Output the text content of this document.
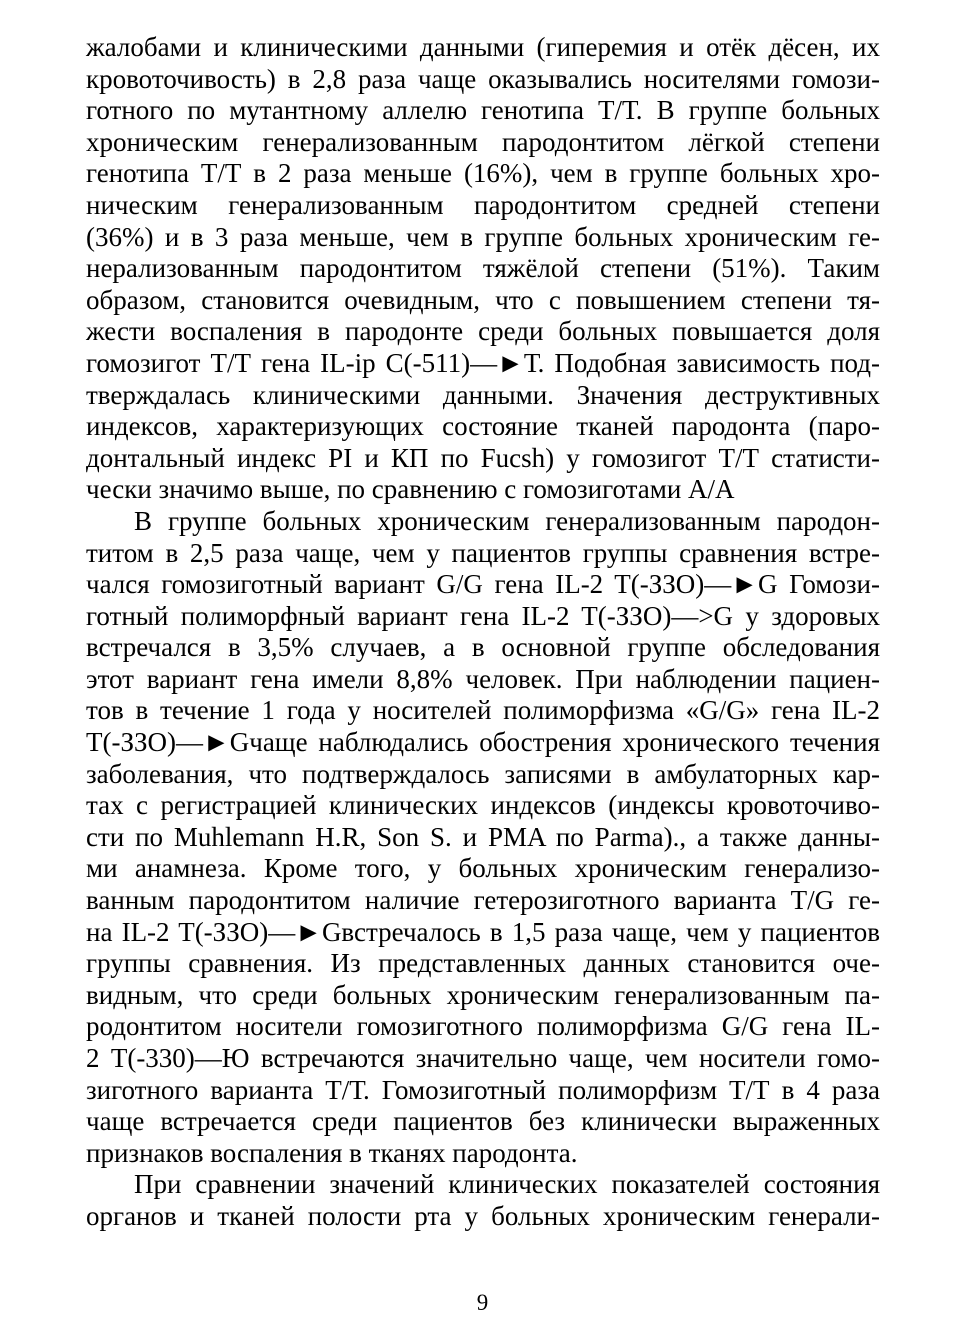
жалобами и клиническими данными (гиперемия и отёк дёсен, их
кровоточивость) в 2,8 раза чаще оказывались носителями гомози-
готного по мутантному аллелю генотипа Т/Т. В группе больных
хроническим генерализованным пародонтитом лёгкой степени
генотипа Т/Т в 2 раза меньше (16%), чем в группе больных хро-
ническим генерализованным пародонтитом средней степени
(36%) и в 3 раза меньше, чем в группе больных хроническим ге-
нерализованным пародонтитом тяжёлой степени (51%). Таким
образом, становится очевидным, что с повышением степени тя-
жести воспаления в пародонте среди больных повышается доля
гомозигот Т/Т гена IL-ip С(-511)—►Т. Подобная зависимость под-
тверждалась клиническими данными. Значения деструктивных
индексов, характеризующих состояние тканей пародонта (паро-
донтальный индекс PI и КП по Fucsh) у гомозигот Т/Т статисти-
чески значимо выше, по сравнению с гомозиготами А/А
В группе больных хроническим генерализованным пародон-
титом в 2,5 раза чаще, чем у пациентов группы сравнения встре-
чался гомозиготный вариант G/G гена IL-2 T(-ЗЗО)—►G Гомози-
готный полиморфный вариант гена IL-2 T(-ЗЗО)—>G у здоровых
встречался в 3,5% случаев, а в основной группе обследования
этот вариант гена имели 8,8% человек. При наблюдении пациен-
тов в течение 1 года у носителей полиморфизма «G/G» гена IL-2
T(-ЗЗО)—►Gчаще наблюдались обострения хронического течения
заболевания, что подтверждалось записями в амбулаторных кар-
тах с регистрацией клинических индексов (индексы кровоточиво-
сти по Muhlemann H.R, Son S. и PMA по Parma)., а также данны-
ми анамнеза. Кроме того, у больных хроническим генерализо-
ванным пародонтитом наличие гетерозиготного варианта T/G ге-
на IL-2 T(-ЗЗО)—►Gвстречалось в 1,5 раза чаще, чем у пациентов
группы сравнения. Из представленных данных становится оче-
видным, что среди больных хроническим генерализованным па-
родонтитом носители гомозиготного полиморфизма G/G гена IL-
2 Т(-330)—Ю встречаются значительно чаще, чем носители гомо-
зиготного варианта Т/Т. Гомозиготный полиморфизм Т/Т в 4 раза
чаще встречается среди пациентов без клинически выраженных
признаков воспаления в тканях пародонта.
При сравнении значений клинических показателей состояния
органов и тканей полости рта у больных хроническим генерали-
9
